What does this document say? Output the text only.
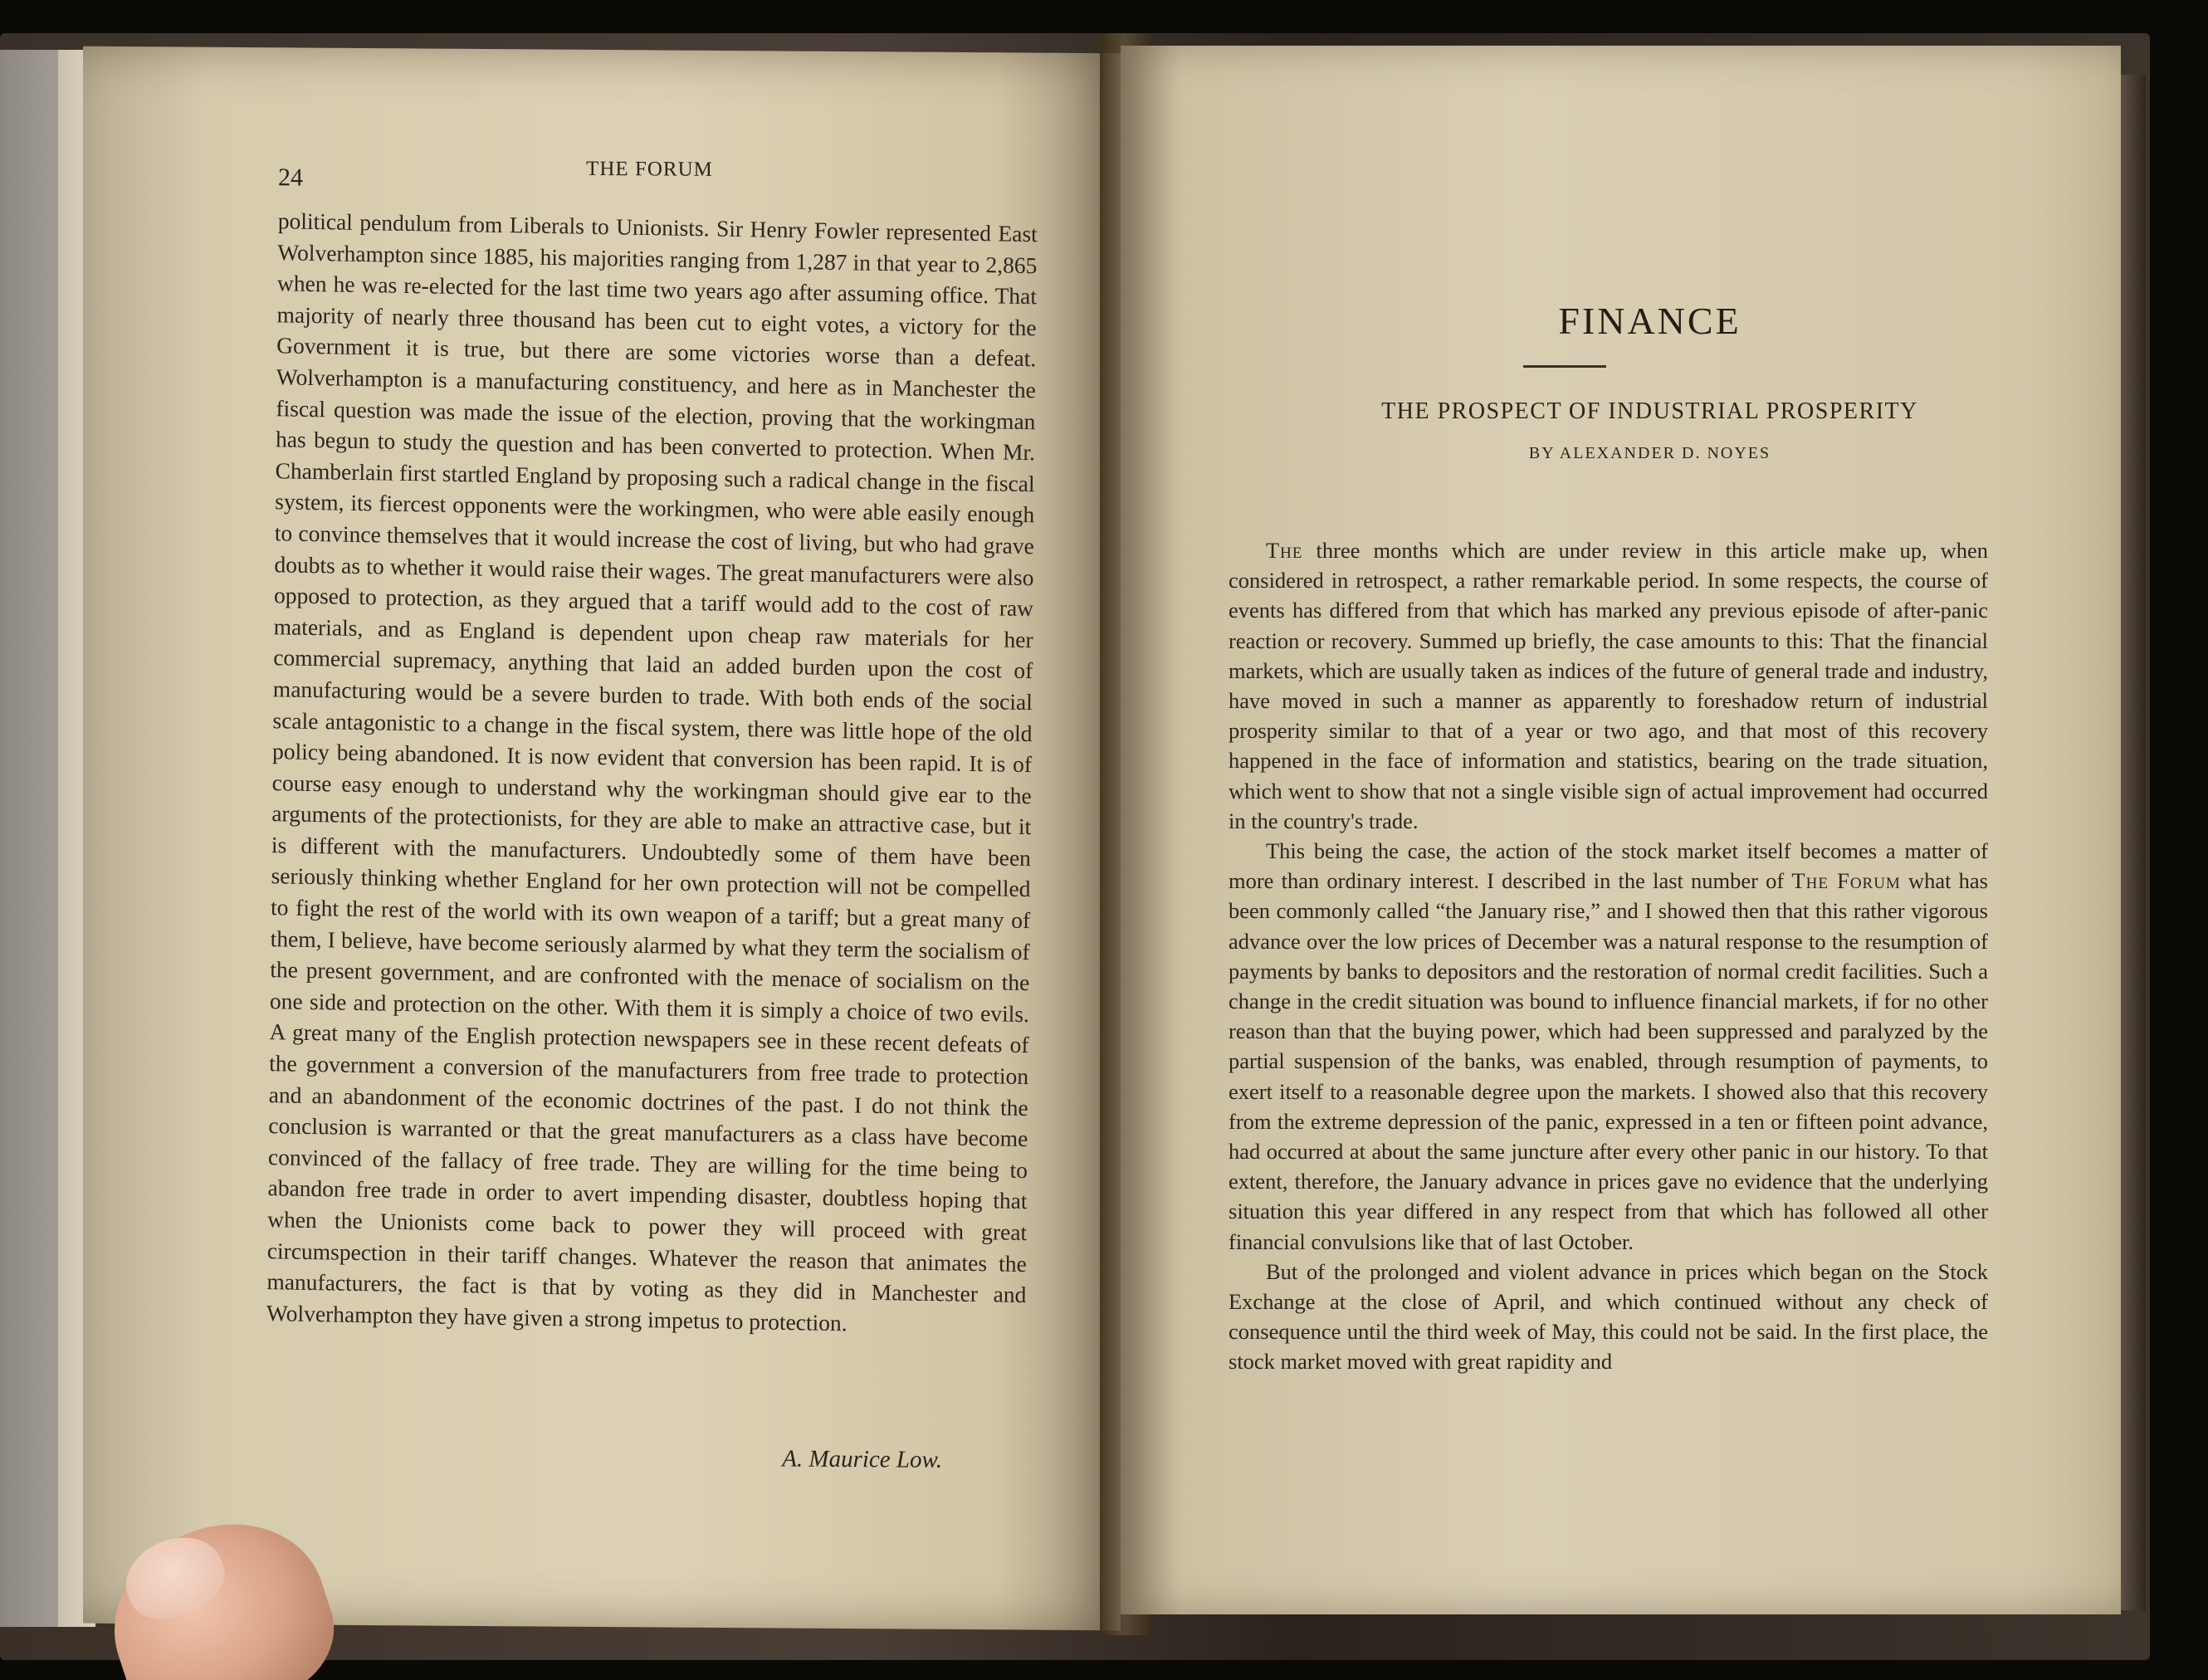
24	THE FORUM

political pendulum from Liberals to Unionists. Sir Henry Fowler represented East Wolverhampton since 1885, his majorities ranging from 1,287 in that year to 2,865 when he was re-elected for the last time two years ago after assuming office. That majority of nearly three thousand has been cut to eight votes, a victory for the Government it is true, but there are some victories worse than a defeat. Wolverhampton is a manufacturing constituency, and here as in Manchester the fiscal question was made the issue of the election, proving that the workingman has begun to study the question and has been converted to protection. When Mr. Chamberlain first startled England by proposing such a radical change in the fiscal system, its fiercest opponents were the workingmen, who were able easily enough to convince themselves that it would increase the cost of living, but who had grave doubts as to whether it would raise their wages. The great manufacturers were also opposed to protection, as they argued that a tariff would add to the cost of raw materials, and as England is dependent upon cheap raw materials for her commercial supremacy, anything that laid an added burden upon the cost of manufacturing would be a severe burden to trade. With both ends of the social scale antagonistic to a change in the fiscal system, there was little hope of the old policy being abandoned. It is now evident that conversion has been rapid. It is of course easy enough to understand why the workingman should give ear to the arguments of the protectionists, for they are able to make an attractive case, but it is different with the manufacturers. Undoubtedly some of them have been seriously thinking whether England for her own protection will not be compelled to fight the rest of the world with its own weapon of a tariff; but a great many of them, I believe, have become seriously alarmed by what they term the socialism of the present government, and are confronted with the menace of socialism on the one side and protection on the other. With them it is simply a choice of two evils. A great many of the English protection newspapers see in these recent defeats of the government a conversion of the manufacturers from free trade to protection and an abandonment of the economic doctrines of the past. I do not think the conclusion is warranted or that the great manufacturers as a class have become convinced of the fallacy of free trade. They are willing for the time being to abandon free trade in order to avert impending disaster, doubtless hoping that when the Unionists come back to power they will proceed with great circumspection in their tariff changes. Whatever the reason that animates the manufacturers, the fact is that by voting as they did in Manchester and Wolverhampton they have given a strong impetus to protection.

A. Maurice Low.
FINANCE
THE PROSPECT OF INDUSTRIAL PROSPERITY
BY ALEXANDER D. NOYES

The three months which are under review in this article make up, when considered in retrospect, a rather remarkable period. In some respects, the course of events has differed from that which has marked any previous episode of after-panic reaction or recovery. Summed up briefly, the case amounts to this: That the financial markets, which are usually taken as indices of the future of general trade and industry, have moved in such a manner as apparently to foreshadow return of industrial prosperity similar to that of a year or two ago, and that most of this recovery happened in the face of information and statistics, bearing on the trade situation, which went to show that not a single visible sign of actual improvement had occurred in the country's trade.

This being the case, the action of the stock market itself becomes a matter of more than ordinary interest. I described in the last number of The Forum what has been commonly called “the January rise,” and I showed then that this rather vigorous advance over the low prices of December was a natural response to the resumption of payments by banks to depositors and the restoration of normal credit facilities. Such a change in the credit situation was bound to influence financial markets, if for no other reason than that the buying power, which had been suppressed and paralyzed by the partial suspension of the banks, was enabled, through resumption of payments, to exert itself to a reasonable degree upon the markets. I showed also that this recovery from the extreme depression of the panic, expressed in a ten or fifteen point advance, had occurred at about the same juncture after every other panic in our history. To that extent, therefore, the January advance in prices gave no evidence that the underlying situation this year differed in any respect from that which has followed all other financial convulsions like that of last October.

But of the prolonged and violent advance in prices which began on the Stock Exchange at the close of April, and which continued without any check of consequence until the third week of May, this could not be said. In the first place, the stock market moved with great rapidity and
